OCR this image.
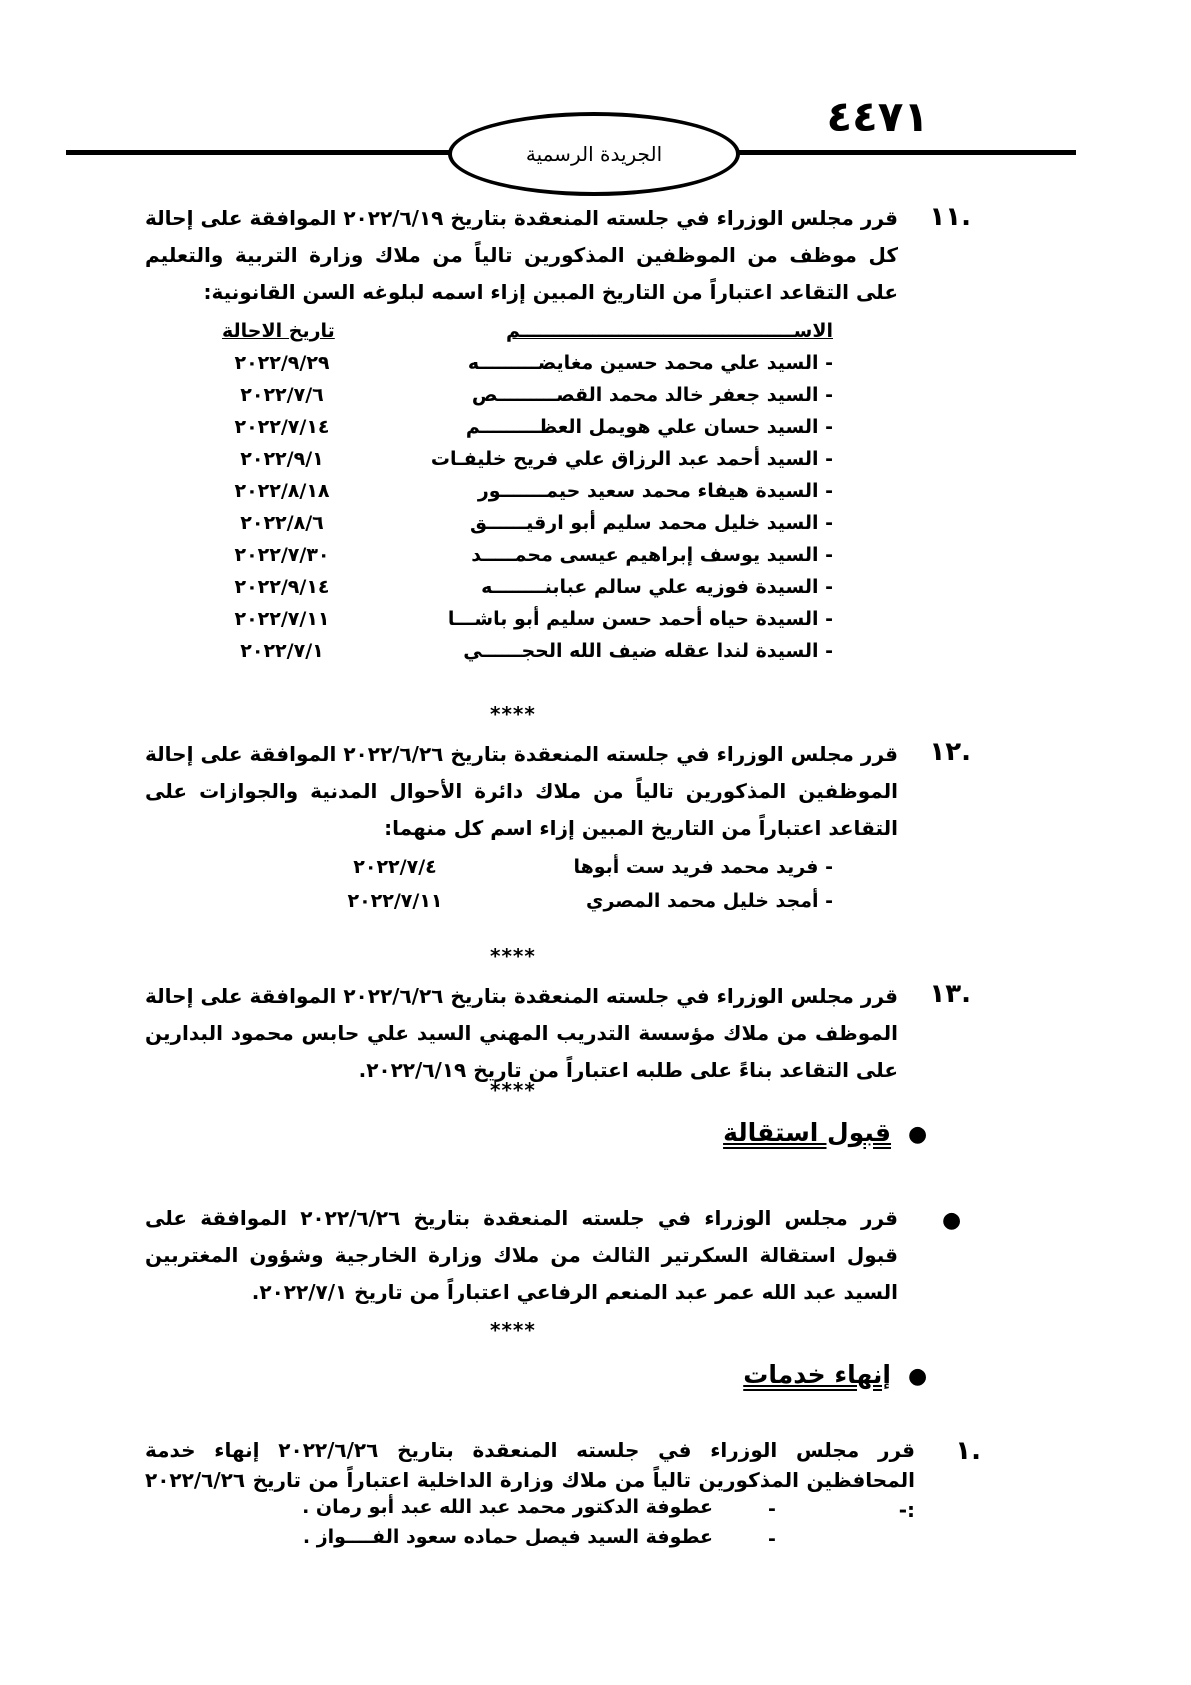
٤٤٧١
الجريدة الرسمية
.١١
قرر مجلس الوزراء في جلسته المنعقدة بتاريخ ٢٠٢٢/٦/١٩ الموافقة على إحالة كل موظف من الموظفين المذكورين تالياً من ملاك وزارة التربية والتعليم على التقاعد اعتباراً من التاريخ المبين إزاء اسمه لبلوغه السن القانونية:
الاســــــــــــــــــــــــــــــــــــــــــم
تاريخ الاحالة
- السيد علي محمد حسين مغايضـــــــــه
٢٠٢٢/٩/٢٩
- السيد جعفر خالد محمد القصـــــــــص
٢٠٢٢/٧/٦
- السيد حسان علي هويمل العظـــــــــم
٢٠٢٢/٧/١٤
- السيد أحمد عبد الرزاق علي فريح خليفـات
٢٠٢٢/٩/١
- السيدة هيفاء محمد سعيد حيمـــــــور
٢٠٢٢/٨/١٨
- السيد خليل محمد سليم أبو ارقيــــــق
٢٠٢٢/٨/٦
- السيد يوسف إبراهيم عيسى محمـــــد
٢٠٢٢/٧/٣٠
- السيدة فوزيه علي سالم عبابنــــــــه
٢٠٢٢/٩/١٤
- السيدة حياه أحمد حسن سليم أبو باشـــا
٢٠٢٢/٧/١١
- السيدة لندا عقله ضيف الله الحجــــــي
٢٠٢٢/٧/١
****
.١٢
قرر مجلس الوزراء في جلسته المنعقدة بتاريخ ٢٠٢٢/٦/٢٦ الموافقة على إحالة الموظفين المذكورين تالياً من ملاك دائرة الأحوال المدنية والجوازات على التقاعد اعتباراً من التاريخ المبين إزاء اسم كل منهما:
- فريد محمد فريد ست أبوها
٢٠٢٢/٧/٤
- أمجد خليل محمد المصري
٢٠٢٢/٧/١١
****
.١٣
قرر مجلس الوزراء في جلسته المنعقدة بتاريخ ٢٠٢٢/٦/٢٦ الموافقة على إحالة الموظف من ملاك مؤسسة التدريب المهني السيد علي حابس محمود البدارين على التقاعد بناءً على طلبه اعتباراً من تاريخ ٢٠٢٢/٦/١٩.
****
●
قبول استقالة
●
قرر مجلس الوزراء في جلسته المنعقدة بتاريخ ٢٠٢٢/٦/٢٦ الموافقة على قبول استقالة السكرتير الثالث من ملاك وزارة الخارجية وشؤون المغتربين السيد عبد الله عمر عبد المنعم الرفاعي اعتباراً من تاريخ ٢٠٢٢/٧/١.
****
●
إنهاء خدمات
.١
قرر مجلس الوزراء في جلسته المنعقدة بتاريخ ٢٠٢٢/٦/٢٦ إنهاء خدمة المحافظين المذكورين تالياً من ملاك وزارة الداخلية اعتباراً من تاريخ ٢٠٢٢/٦/٢٦ :-
-
عطوفة الدكتور محمد عبد الله عبد أبو رمان .
-
عطوفة السيد فيصل حماده سعود الفــــواز .
